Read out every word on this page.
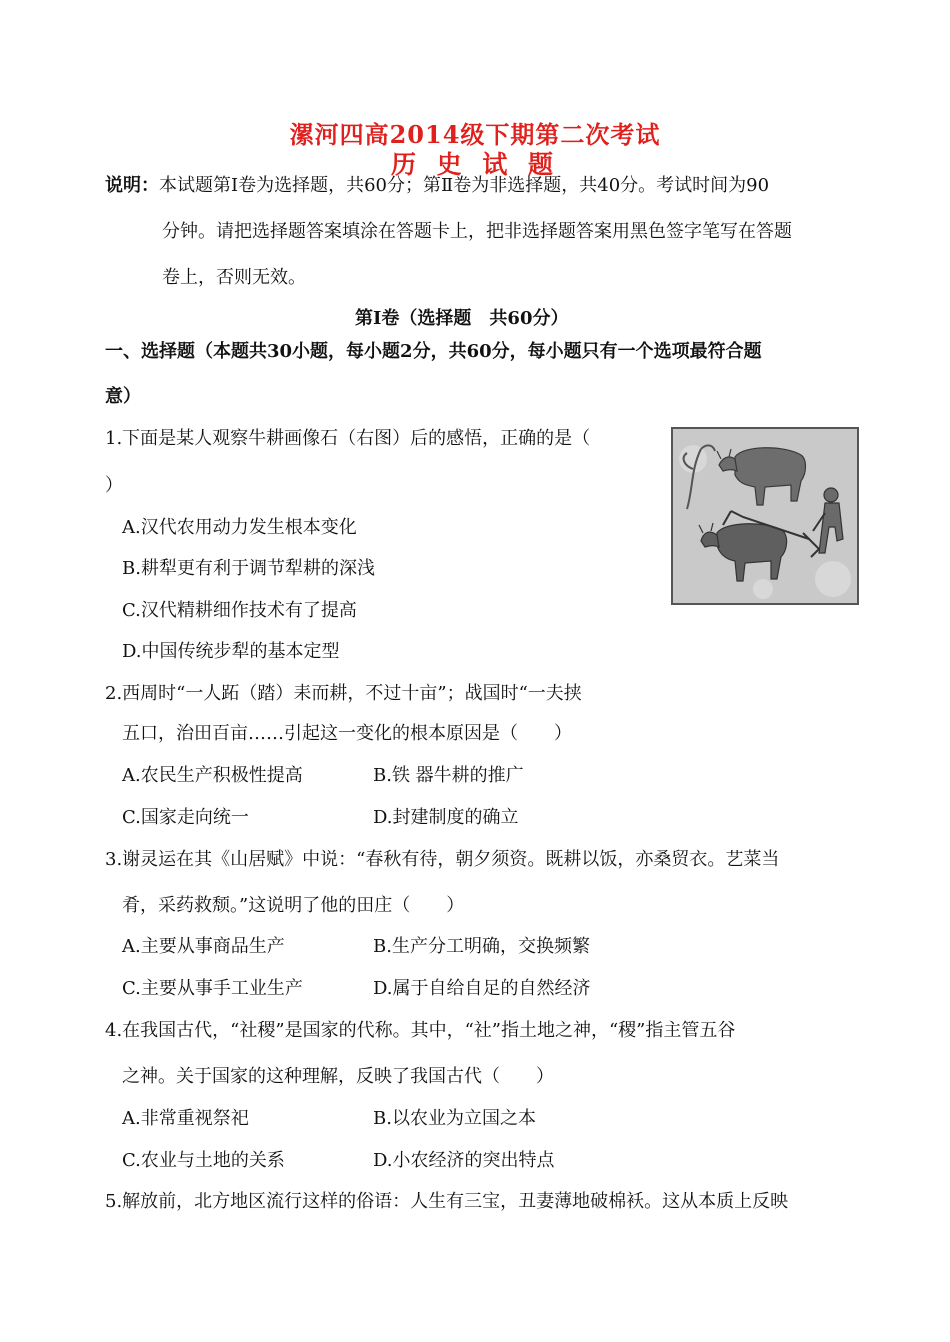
漯河四高2014级下期第二次考试
历 史 试 题
说明：本试题第Ⅰ卷为选择题，共60分；第Ⅱ卷为非选择题，共40分。考试时间为90
分钟。请把选择题答案填涂在答题卡上，把非选择题答案用黑色签字笔写在答题
卷上，否则无效。
第Ⅰ卷（选择题　共60分）
一、选择题（本题共30小题，每小题2分，共60分，每小题只有一个选项最符合题
意）
1.下面是某人观察牛耕画像石（右图）后的感悟，正确的是（
）
A.汉代农用动力发生根本变化
B.耕犁更有利于调节犁耕的深浅
C.汉代精耕细作技术有了提高
D.中国传统步犁的基本定型
2.西周时“一人跖（踏）耒而耕，不过十亩”；战国时“一夫挟
五口，治田百亩……引起这一变化的根本原因是（　　）
A.农民生产积极性提高	B.铁 器牛耕的推广
C.国家走向统一	D.封建制度的确立
3.谢灵运在其《山居赋》中说：“春秋有待，朝夕须资。既耕以饭，亦桑贸衣。艺菜当
肴，采药救颓。”这说明了他的田庄（　　）
A.主要从事商品生产	B.生产分工明确，交换频繁
C.主要从事手工业生产	D.属于自给自足的自然经济
4.在我国古代，“社稷”是国家的代称。其中，“社”指土地之神，“稷”指主管五谷
之神。关于国家的这种理解，反映了我国古代（　　）
A.非常重视祭祀	B.以农业为立国之本
C.农业与土地的关系	D.小农经济的突出特点
5.解放前，北方地区流行这样的俗语：人生有三宝，丑妻薄地破棉袄。这从本质上反映
